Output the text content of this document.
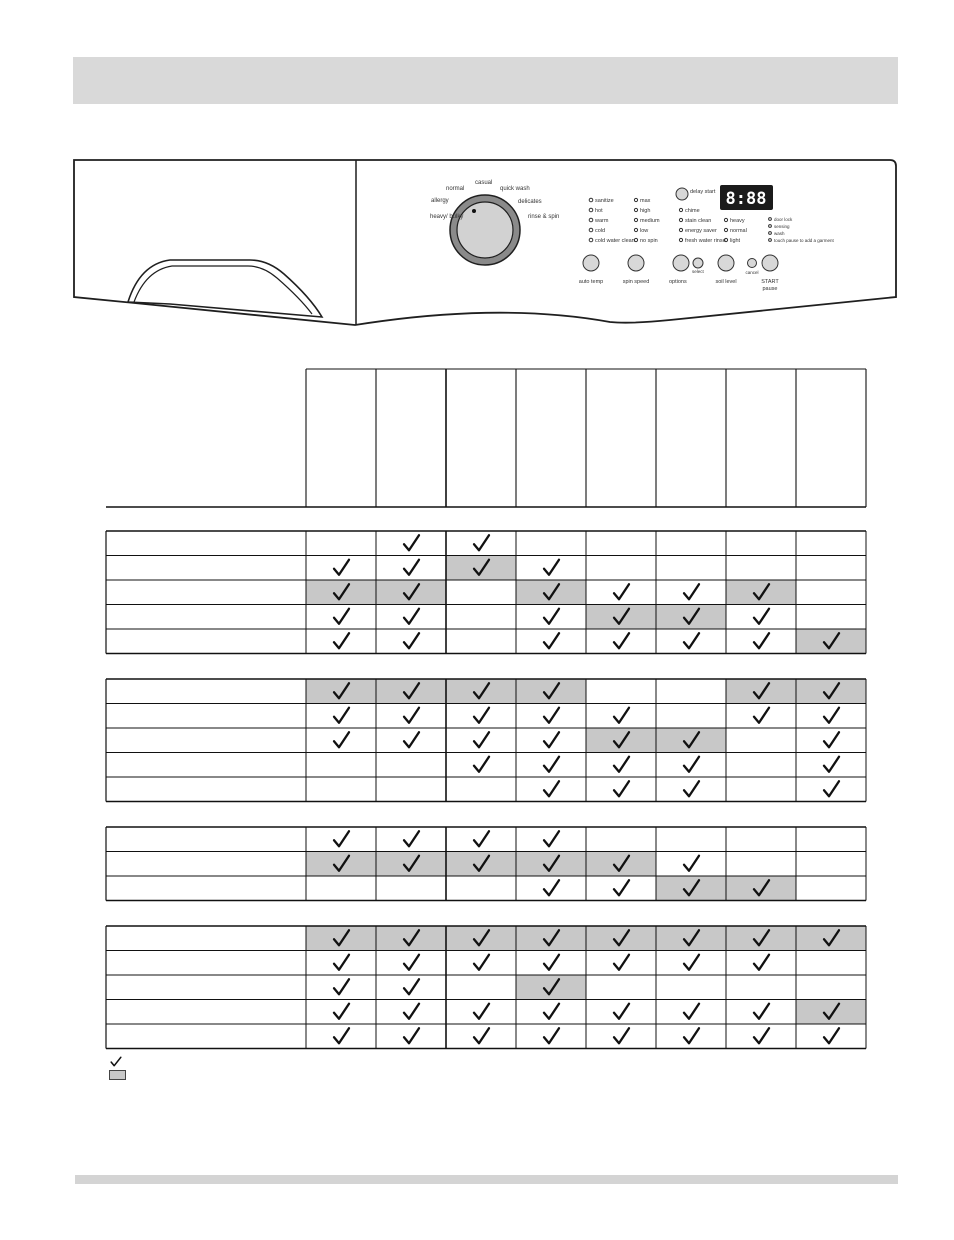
heavy/ bulky
allergy
normal
casual
quick wash
delicates
rinse & spin
sanitize
hot
warm
cold
cold water clean
max
high
medium
low
no spin
chime
stain clean
energy saver
fresh water rinse
heavy
normal
light
door lock
sensing
wash
touch pause to add a garment
delay start 8:88
auto temp	spin speed
select
options	soil level
cancel
START
pause
